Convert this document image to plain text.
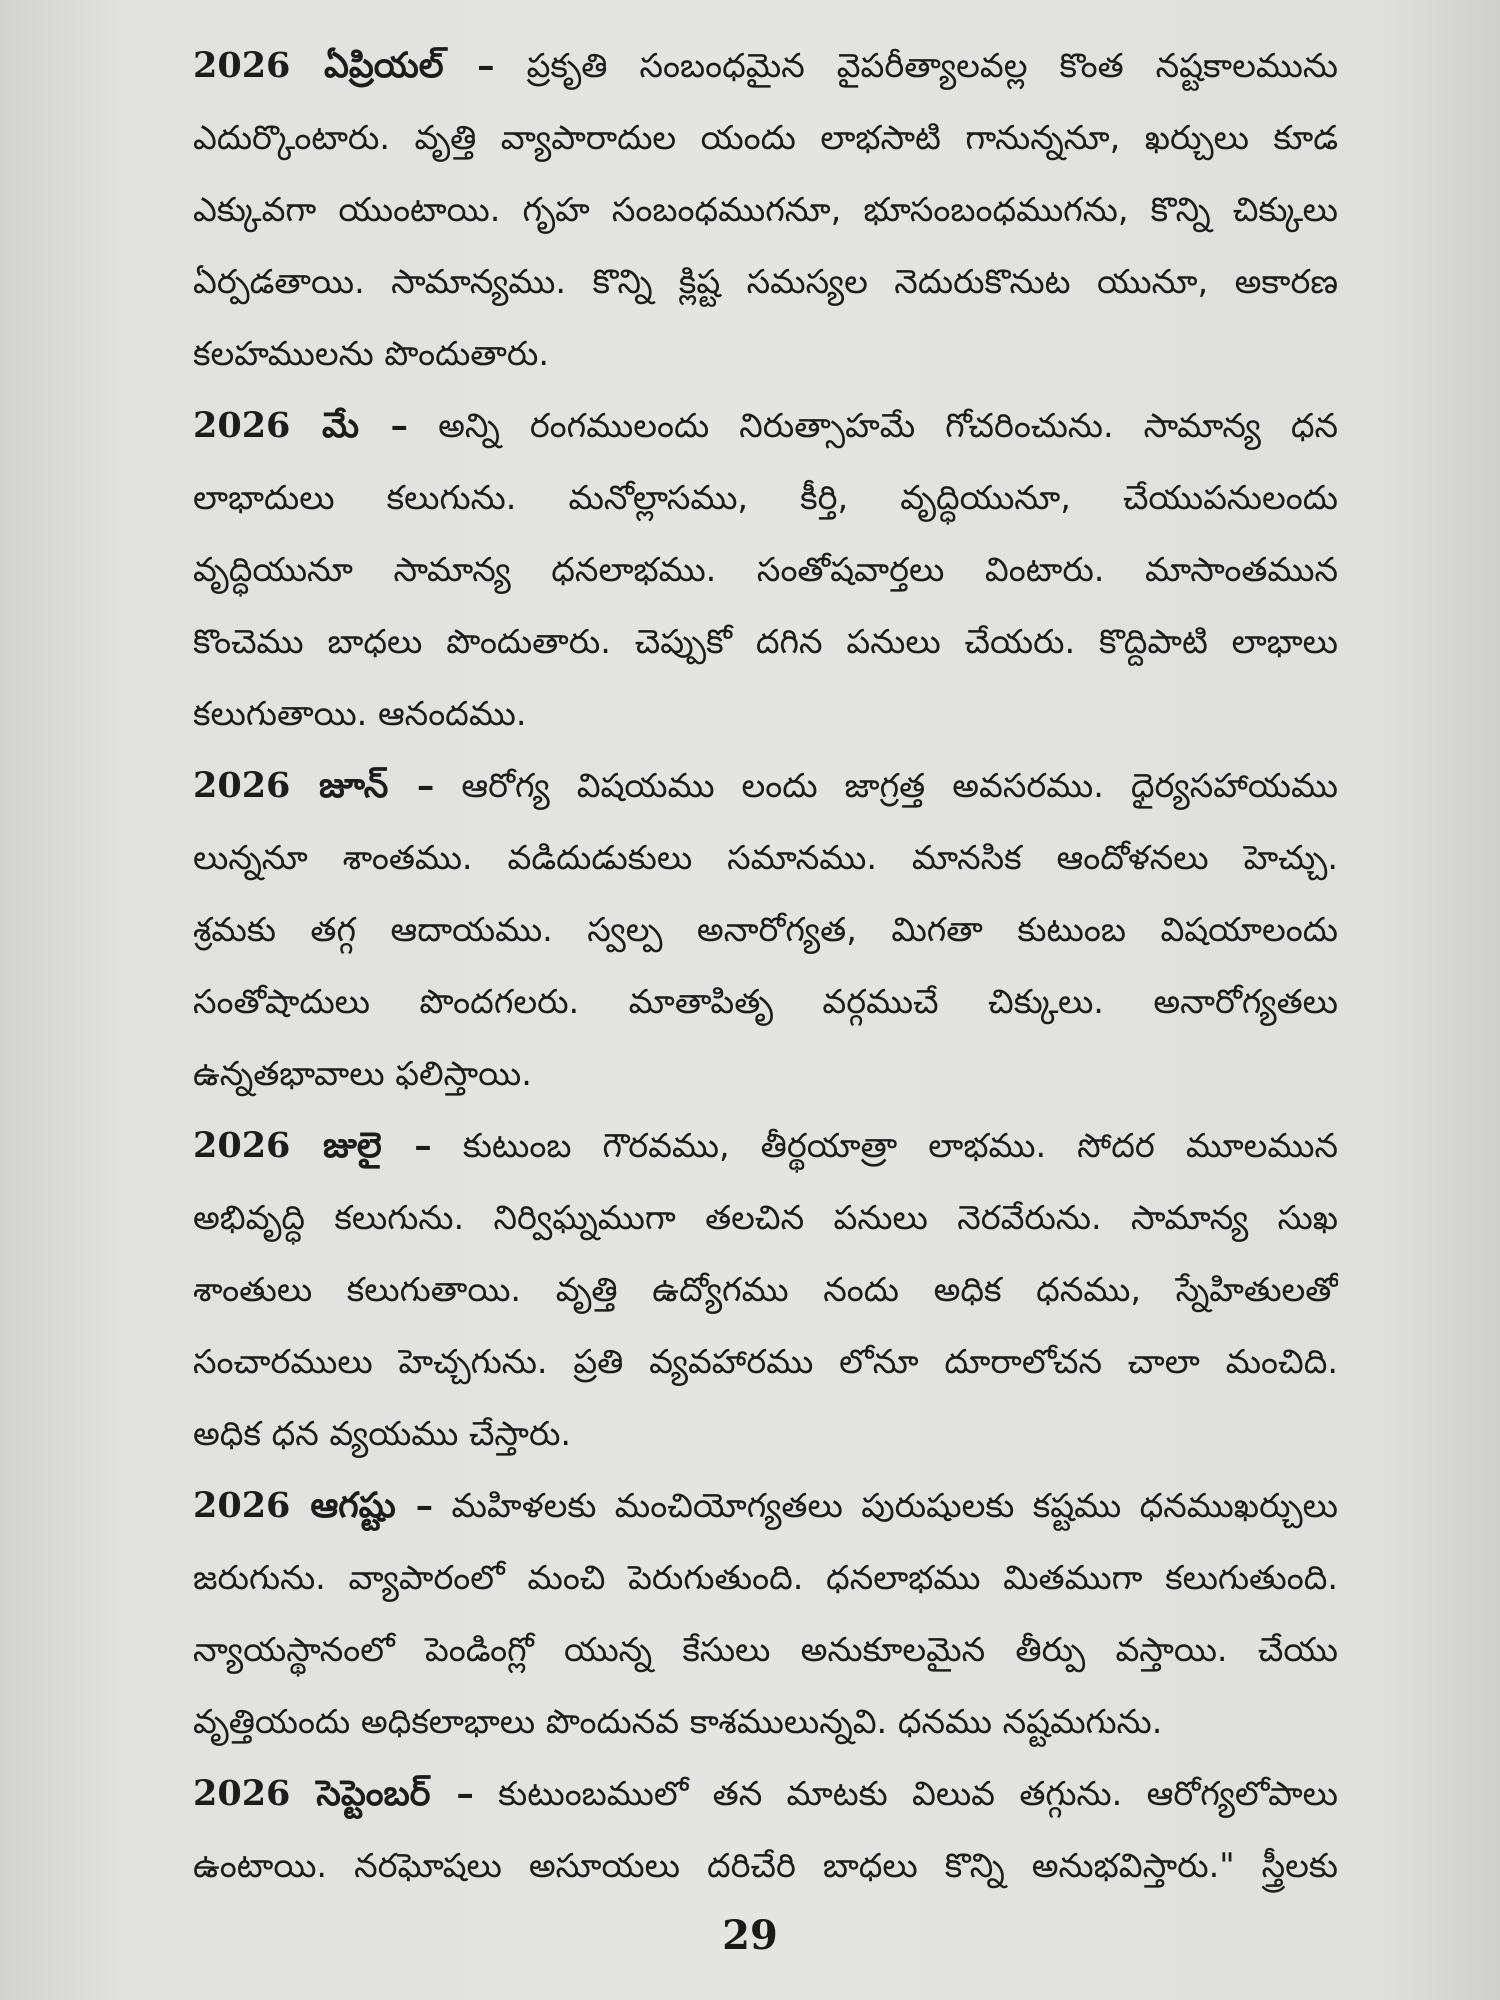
2026 ఏప్రియల్ – ప్రకృతి సంబంధమైన వైపరీత్యాలవల్ల కొంత నష్టకాలమును
ఎదుర్కొంటారు. వృత్తి వ్యాపారాదుల యందు లాభసాటి గానున్ననూ, ఖర్చులు కూడ
ఎక్కువగా యుంటాయి. గృహ సంబంధముగనూ, భూసంబంధముగను, కొన్ని చిక్కులు
ఏర్పడతాయి. సామాన్యము. కొన్ని క్లిష్ట సమస్యల నెదురుకొనుట యునూ, అకారణ
కలహములను పొందుతారు.
2026 మే – అన్ని రంగములందు నిరుత్సాహమే గోచరించును. సామాన్య ధన
లాభాదులు కలుగును. మనోల్లాసము, కీర్తి, వృద్ధియునూ, చేయుపనులందు
వృద్ధియునూ సామాన్య ధనలాభము. సంతోషవార్తలు వింటారు. మాసాంతమున
కొంచెము బాధలు పొందుతారు. చెప్పుకో దగిన పనులు చేయరు. కొద్దిపాటి లాభాలు
కలుగుతాయి. ఆనందము.
2026 జూన్ – ఆరోగ్య విషయము లందు జాగ్రత్త అవసరము. ధైర్యసహాయము
లున్ననూ శాంతము. వడిదుడుకులు సమానము. మానసిక ఆందోళనలు హెచ్చు.
శ్రమకు తగ్గ ఆదాయము. స్వల్ప అనారోగ్యత, మిగతా కుటుంబ విషయాలందు
సంతోషాదులు పొందగలరు. మాతాపితృ వర్గముచే చిక్కులు. అనారోగ్యతలు
ఉన్నతభావాలు ఫలిస్తాయి.
2026 జులై – కుటుంబ గౌరవము, తీర్థయాత్రా లాభము. సోదర మూలమున
అభివృద్ధి కలుగును. నిర్విఘ్నముగా తలచిన పనులు నెరవేరును. సామాన్య సుఖ
శాంతులు కలుగుతాయి. వృత్తి ఉద్యోగము నందు అధిక ధనము, స్నేహితులతో
సంచారములు హెచ్చగును. ప్రతి వ్యవహారము లోనూ దూరాలోచన చాలా మంచిది.
అధిక ధన వ్యయము చేస్తారు.
2026 ఆగష్టు – మహిళలకు మంచియోగ్యతలు పురుషులకు కష్టము ధనముఖర్చులు
జరుగును. వ్యాపారంలో మంచి పెరుగుతుంది. ధనలాభము మితముగా కలుగుతుంది.
న్యాయస్థానంలో పెండింగ్లో యున్న కేసులు అనుకూలమైన తీర్పు వస్తాయి. చేయు
వృత్తియందు అధికలాభాలు పొందునవ కాశములున్నవి. ధనము నష్టమగును.
2026 సెప్టెంబర్ – కుటుంబములో తన మాటకు విలువ తగ్గును. ఆరోగ్యలోపాలు
ఉంటాయి. నరఘోషలు అసూయలు దరిచేరి బాధలు కొన్ని అనుభవిస్తారు." స్త్రీలకు
29
